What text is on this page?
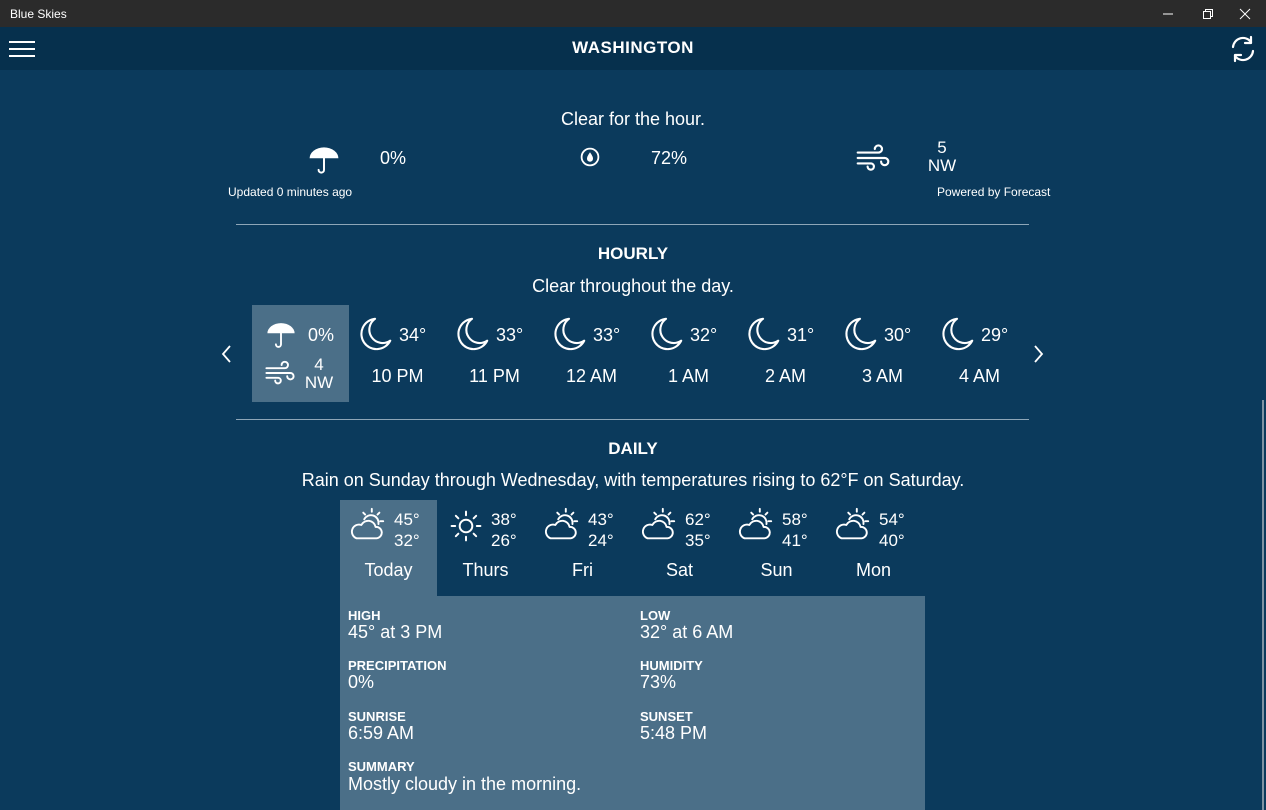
Blue Skies
WASHINGTON
Clear for the hour.
0%	72%
5
NW
Updated 0 minutes ago	Powered by Forecast
HOURLY
Clear throughout the day.
0%
4
NW
34°
10 PM
33°
11 PM
33°
12 AM
32°
1 AM
31°
2 AM
30°
3 AM
29°
4 AM
DAILY
Rain on Sunday through Wednesday, with temperatures rising to 62°F on Saturday.
45°
32°
Today
38°
26°
Thurs
43°
24°
Fri
62°
35°
Sat
58°
41°
Sun
54°
40°
Mon
HIGH
45° at 3 PM
LOW
32° at 6 AM
PRECIPITATION
0%
HUMIDITY
73%
SUNRISE
6:59 AM
SUNSET
5:48 PM
SUMMARY
Mostly cloudy in the morning.
